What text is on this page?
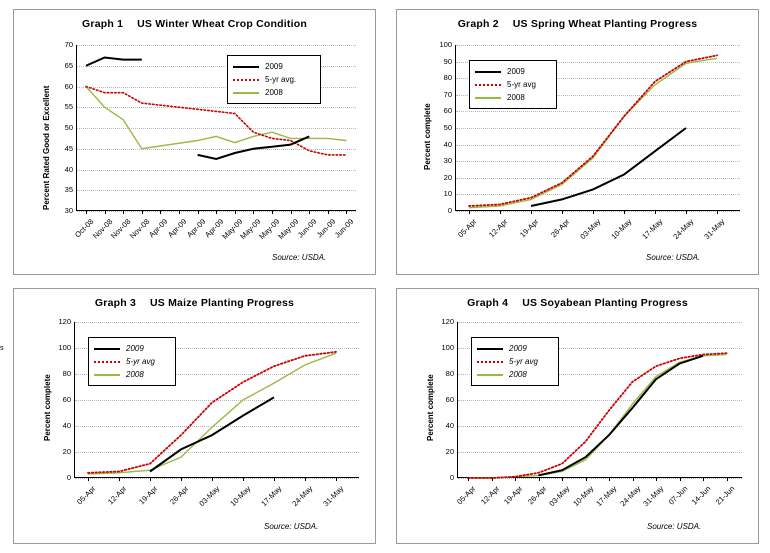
s
Graph 1 US Winter Wheat Crop Condition
Percent Rated Good or Excellent
70
65
60
55
50
45
40
35
30
Oct-08
Nov-08
Nov-08
Nov-08
Apr-09
Apr-09
Apr-09
Apr-09
May-09
May-09
May-09
May-09
Jun-09
Jun-09
Jun-09
2009
5-yr avg.
2008
Source: USDA.
Graph 2 US Spring Wheat Planting Progress
Percent complete
100
90
80
70
60
50
40
30
20
10
0
05-Apr	12-Apr	19-Apr	26-Apr 03-May 10-May 17-May 24-May 31-May
2009
5-yr avg
2008
Source: USDA.
Graph 3 US Maize Planting Progress
Percent complete
120
100
80
60
40
20
0
05-Apr	12-Apr	19-Apr	26-Apr 03-May 10-May 17-May 24-May 31-May
2009
5-yr avg
2008
Source: USDA.
Graph 4 US Soyabean Planting Progress
Percent complete
120
100
80
60
40
20
0
05-Apr 12-Apr 19-Apr 26-Apr 03-May 10-May 17-May 24-May 31-May 07-Jun 14-Jun 21-Jun
2009
5-yr avg
2008
Source: USDA.
